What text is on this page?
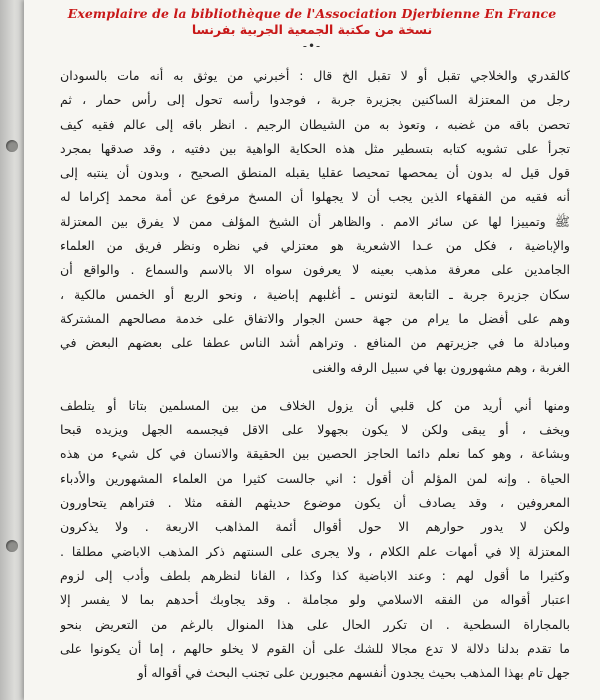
Exemplaire de la bibliothèque de l'Association Djerbienne En France
نسخة من مكتبة الجمعية الجربية بفرنسا
-•-
كالقدري والخلاجي تقبل أو لا تقبل الخ قال : أخبرني من يوثق به أنه مات بالسودان
رجل من المعتزلة الساكنين بجزيرة جربة ، فوجدوا رأسه تحول إلى رأس حمار ، ثم
تحصن باقه من غضبه ، وتعوذ به من الشيطان الرجيم . انظر باقه إلى عالم فقيه كيف
تجرأ على تشويه كتابه بتسطير مثل هذه الحكاية الواهية بين دفتيه ، وقد صدقها بمجرد
قول قيل له بدون أن يمحصها تمحيصا عقليا يقبله المنطق الصحيح ، وبدون أن ينتبه إلى
أنه فقيه من الفقهاء الذين يجب أن لا يجهلوا أن المسخ مرفوع عن أمة محمد إكراما له
ﷺ وتمييزا لها عن سائر الامم . والظاهر أن الشيخ المؤلف ممن لا يفرق بين المعتزلة
والإباضية ، فكل من عـدا الاشعرية هو معتزلي في نظره ونظر فريق من العلماء
الجامدين على معرفة مذهب بعينه لا يعرفون سواه الا بالاسم والسماع . والواقع أن
سكان جزيرة جربة ـ التابعة لتونس ـ أغلبهم إباضية ، ونحو الربع أو الخمس مالكية ،
وهم على أفضل ما يرام من جهة حسن الجوار والاتفاق على خدمة مصالحهم المشتركة
ومبادلة ما في جزيرتهم من المنافع . وتراهم أشد الناس عطفا على بعضهم البعض في
الغربة ، وهم مشهورون بها في سبيل الرفه والغنى
ومنها أني أريد من كل قلبي أن يزول الخلاف من بين المسلمين بتاتا أو يتلطف
ويخف ، أو يبقى ولكن لا يكون بجهولا على الاقل فيجسمه الجهل ويزيده قبحا
وبشاعة ، وهو كما نعلم دائما الحاجز الحصين بين الحقيقة والانسان في كل شيء من هذه
الحياة . وإنه لمن المؤلم أن أقول : اني جالست كثيرا من العلماء المشهورين والأدباء
المعروفين ، وقد يصادف أن يكون موضوع حديثهم الفقه مثلا . فتراهم يتحاورون
ولكن لا يدور حوارهم الا حول أقوال أئمة المذاهب الاربعة . ولا يذكرون
المعتزلة إلا في أمهات علم الكلام ، ولا يجرى على السنتهم ذكر المذهب الاباضي مطلقا .
وكثيرا ما أقول لهم : وعند الاباضية كذا وكذا ، الفانا لنظرهم بلطف وأدب إلى لزوم
اعتبار أقواله من الفقه الاسلامي ولو مجاملة . وقد يجاوبك أحدهم بما لا يفسر إلا
بالمجاراة السطحية . ان تكرر الحال على هذا المنوال بالرغم من التعريض بنحو
ما تقدم بدلنا دلالة لا تدع مجالا للشك على أن القوم لا يخلو حالهم ، إما أن يكونوا على
جهل تام بهذا المذهب بحيث يجدون أنفسهم مجبورين على تجنب البحث في أقواله أو
